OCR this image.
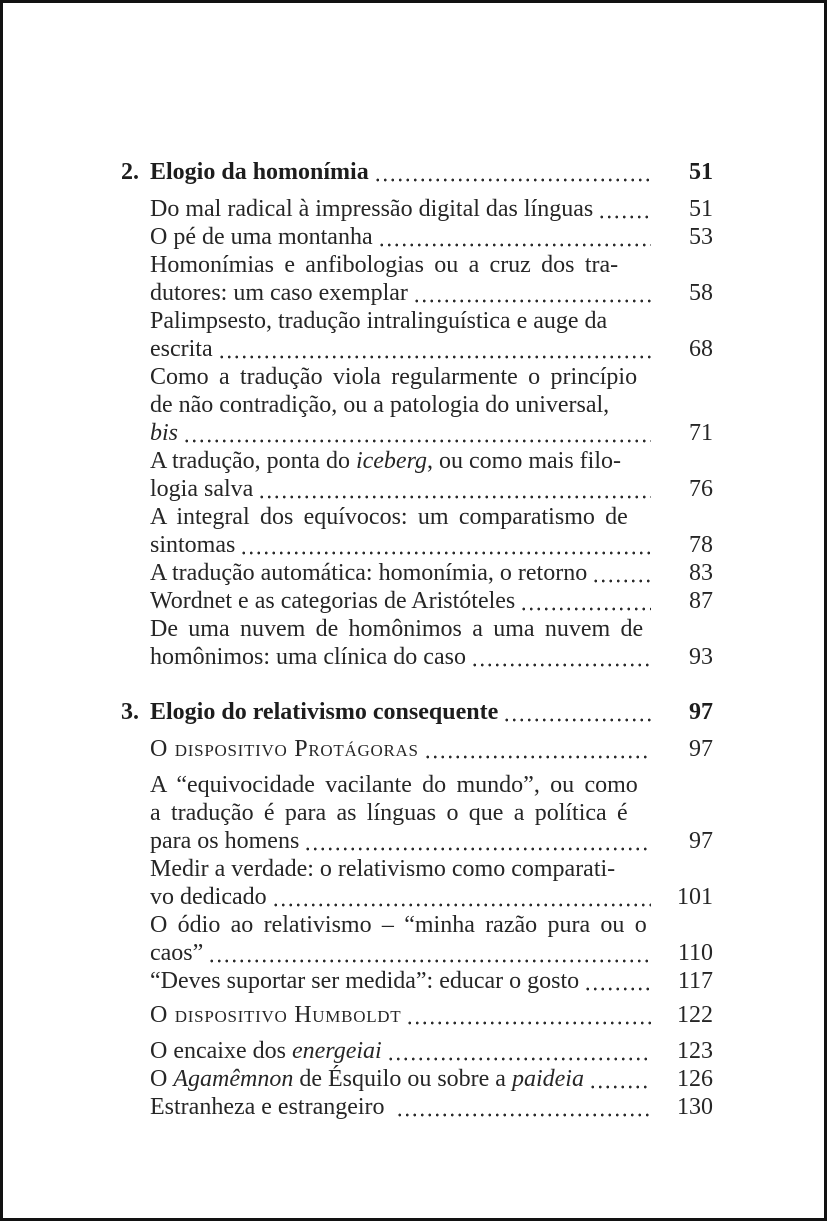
2. Elogio da homonímia	51
Do mal radical à impressão digital das línguas	51
O pé de uma montanha	53
Homonímias e anfibologias ou a cruz dos tra-
dutores: um caso exemplar	58
Palimpsesto, tradução intralinguística e auge da
escrita	68
Como a tradução viola regularmente o princípio
de não contradição, ou a patologia do universal,
bis	71
A tradução, ponta do iceberg, ou como mais filo-
logia salva	76
A integral dos equívocos: um comparatismo de
sintomas	78
A tradução automática: homonímia, o retorno	83
Wordnet e as categorias de Aristóteles	87
De uma nuvem de homônimos a uma nuvem de
homônimos: uma clínica do caso	93
3. Elogio do relativismo consequente	97
O dispositivo Protágoras	97
A “equivocidade vacilante do mundo”, ou como
a tradução é para as línguas o que a política é
para os homens	97
Medir a verdade: o relativismo como comparati-
vo dedicado	101
O ódio ao relativismo – “minha razão pura ou o
caos”	110
“Deves suportar ser medida”: educar o gosto	117
O dispositivo Humboldt	122
O encaixe dos energeiai	123
O Agamêmnon de Ésquilo ou sobre a paideia	126
Estranheza e estrangeiro	130
